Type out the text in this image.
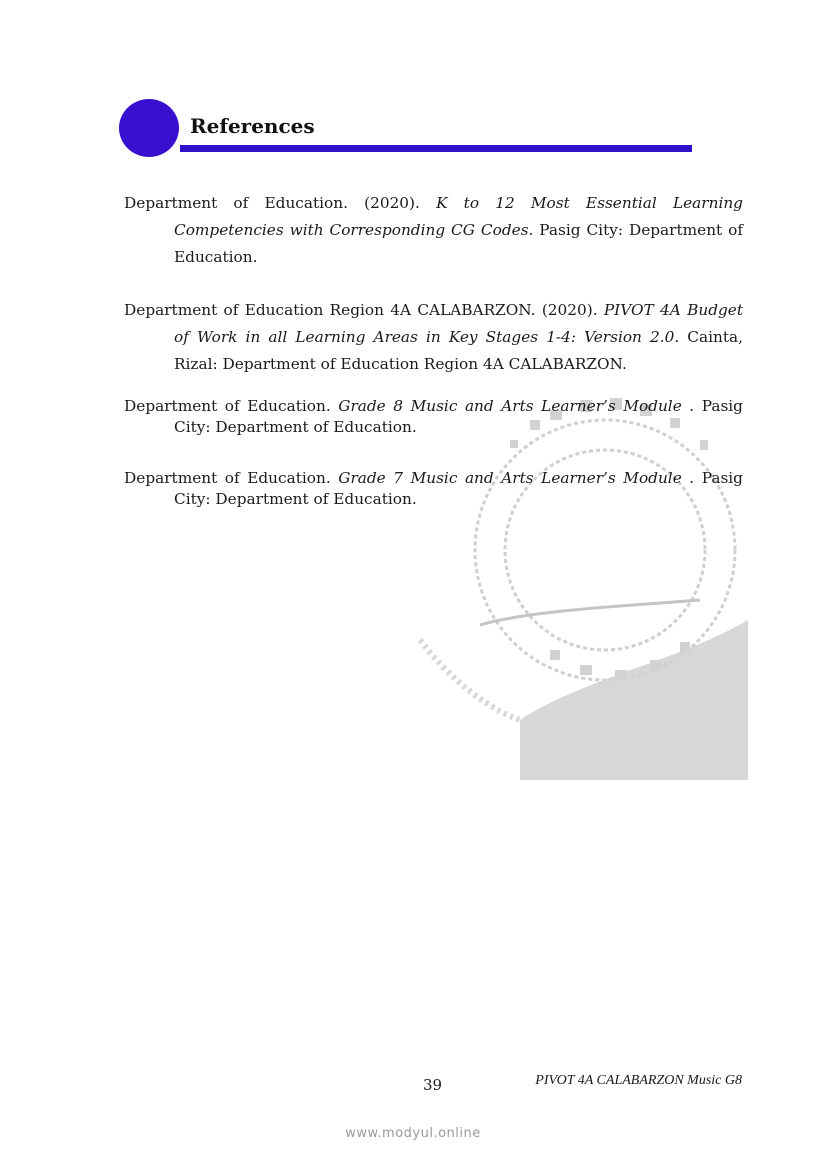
References

Department of Education. (2020). K to 12 Most Essential Learning Competencies with Corresponding CG Codes. Pasig City: Department of Education.

Department of Education Region 4A CALABARZON. (2020). PIVOT 4A Budget of Work in all Learning Areas in Key Stages 1-4: Version 2.0. Cainta, Rizal: Department of Education Region 4A CALABARZON.

Department of Education. Grade 8 Music and Arts Learner’s Module . Pasig City: Department of Education.

Department of Education. Grade 7 Music and Arts Learner’s Module . Pasig City: Department of Education.

39	PIVOT 4A CALABARZON Music G8
www.modyul.online
